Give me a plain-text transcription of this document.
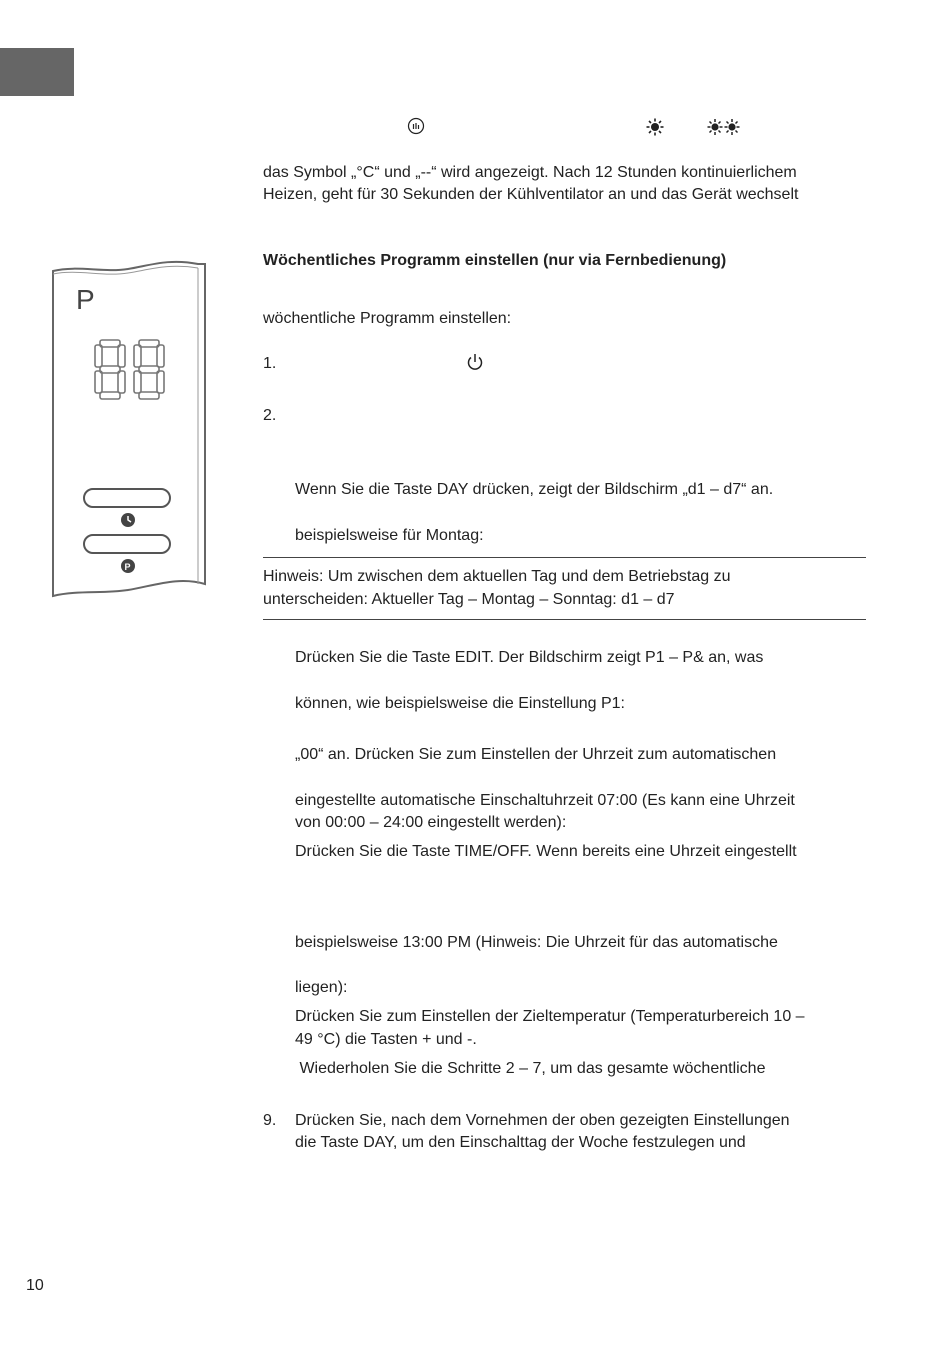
das Symbol „°C“ und „--“ wird angezeigt. Nach 12 Stunden kontinuierlichem
Heizen, geht für 30 Sekunden der Kühlventilator an und das Gerät wechselt
Wöchentliches Programm einstellen (nur via Fernbedienung)
wöchentliche Programm einstellen:
1.
2.
Wenn Sie die Taste DAY drücken, zeigt der Bildschirm „d1 – d7“ an.
beispielsweise für Montag:
Hinweis: Um zwischen dem aktuellen Tag und dem Betriebstag zu
unterscheiden: Aktueller Tag – Montag – Sonntag: d1 – d7
Drücken Sie die Taste EDIT. Der Bildschirm zeigt P1 – P& an, was
können, wie beispielsweise die Einstellung P1:
„00“ an. Drücken Sie zum Einstellen der Uhrzeit zum automatischen
eingestellte automatische Einschaltuhrzeit 07:00 (Es kann eine Uhrzeit
von 00:00 – 24:00 eingestellt werden):
Drücken Sie die Taste TIME/OFF. Wenn bereits eine Uhrzeit eingestellt
beispielsweise 13:00 PM (Hinweis: Die Uhrzeit für das automatische
liegen):
Drücken Sie zum Einstellen der Zieltemperatur (Temperaturbereich 10 –
49 °C) die Tasten + und -.
Wiederholen Sie die Schritte 2 – 7, um das gesamte wöchentliche
9.	Drücken Sie, nach dem Vornehmen der oben gezeigten Einstellungen
die Taste DAY, um den Einschalttag der Woche festzulegen und
P
P
10
